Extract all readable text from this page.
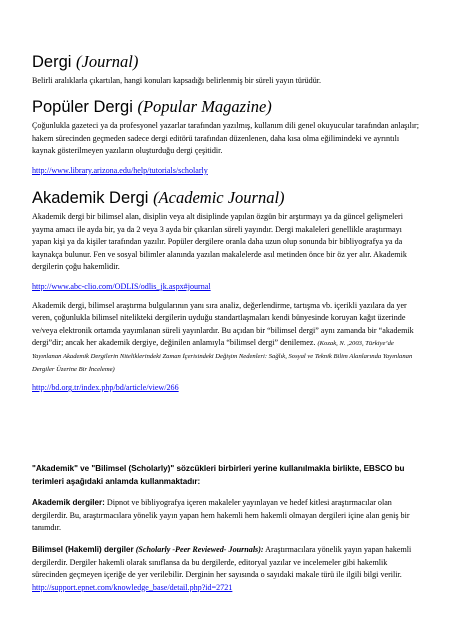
Dergi (Journal)

Belirli aralıklarla çıkartılan, hangi konuları kapsadığı belirlenmiş bir süreli yayın türüdür.

Popüler Dergi (Popular Magazine)

Çoğunlukla gazeteci ya da profesyonel yazarlar tarafından yazılmış, kullanım dili genel okuyucular tarafından anlaşılır; hakem sürecinden geçmeden sadece dergi editörü tarafından düzenlenen, daha kısa olma eğilimindeki ve ayrıntılı kaynak gösterilmeyen yazıların oluşturduğu dergi çeşitidir.

http://www.library.arizona.edu/help/tutorials/scholarly

Akademik Dergi (Academic Journal)

Akademik dergi bir bilimsel alan, disiplin veya alt disiplinde yapılan özgün bir arştırmayı ya da güncel gelişmeleri yayma amacı ile ayda bir, ya da 2 veya 3 ayda bir çıkarılan süreli yayındır. Dergi makaleleri genellikle araştırmayı yapan kişi ya da kişiler tarafından yazılır. Popüler dergilere oranla daha uzun olup sonunda bir bibliyografya ya da kaynakça bulunur. Fen ve sosyal bilimler alanında yazılan makalelerde asıl metinden önce bir öz yer alır. Akademik dergilerin çoğu hakemlidir.

http://www.abc-clio.com/ODLIS/odlis_jk.aspx#journal

Akademik dergi, bilimsel araştırma bulgularının yanı sıra analiz, değerlendirme, tartışma vb. içerikli yazılara da yer veren, çoğunlukla bilimsel nitelikteki dergilerin uyduğu standartlaşmaları kendi bünyesinde koruyan kağıt üzerinde ve/veya elektronik ortamda yayımlanan süreli yayınlardır. Bu açıdan bir “bilimsel dergi” aynı zamanda bir “akademik dergi”dir; ancak her akademik dergiye, değinilen anlamıyla “bilimsel dergi” denilemez. (Kozak, N. ,2003, Türkiye’de Yayınlanan Akademik Dergilerin Niteliklerindeki Zaman İçerisindeki Değişim Nedenleri: Sağlık, Sosyal ve Teknik Bilim Alanlarında Yayınlanan Dergiler Üzerine Bir İnceleme)

http://bd.org.tr/index.php/bd/article/view/266

"Akademik" ve "Bilimsel (Scholarly)" sözcükleri birbirleri yerine kullanılmakla birlikte, EBSCO bu terimleri aşağıdaki anlamda kullanmaktadır:

Akademik dergiler: Dipnot ve bibliyografya içeren makaleler yayınlayan ve hedef kitlesi araştırmacılar olan dergilerdir. Bu, araştırmacılara yönelik yayın yapan hem hakemli hem hakemli olmayan dergileri içine alan geniş bir tanımdır.

Bilimsel (Hakemli) dergiler (Scholarly -Peer Reviewed- Journals): Araştırmacılara yönelik yayın yapan hakemli dergilerdir. Dergiler hakemli olarak sınıflansa da bu dergilerde, editoryal yazılar ve incelemeler gibi hakemlik sürecinden geçmeyen içeriğe de yer verilebilir. Derginin her sayısında o sayıdaki makale türü ile ilgili bilgi verilir.

http://support.epnet.com/knowledge_base/detail.php?id=2721
